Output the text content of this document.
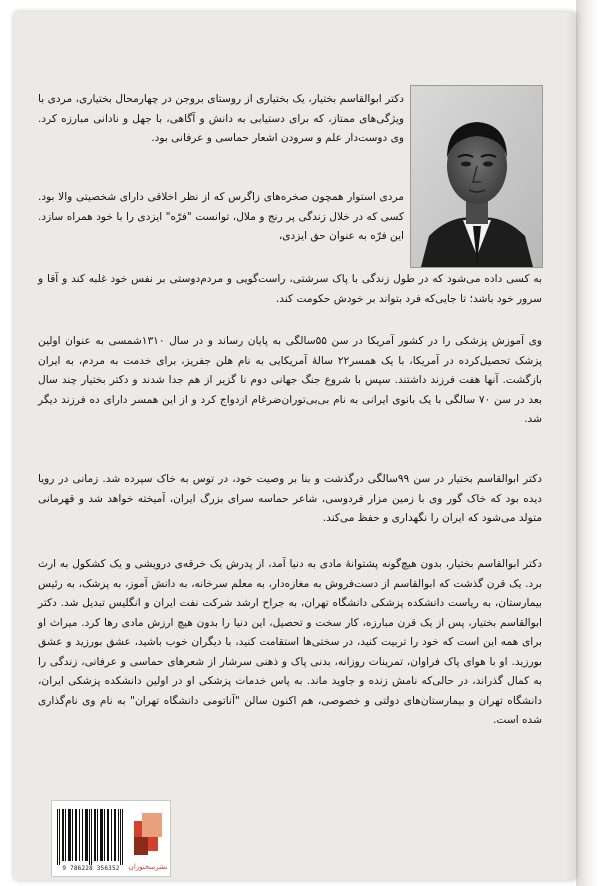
دکتر ابوالقاسم بختیار، یک بختیاری از روستای بروجن در چهارمحال بختیاری، مردی با ویژگی‌های ممتاز، که برای دستیابی به دانش و آگاهی، با جهل و نادانی مبارزه کرد. وی دوست‌دار علم و سرودن اشعار حماسی و عرفانی بود.

مردی استوار همچون صخره‌های زاگرس که از نظر اخلاقی دارای شخصیتی والا بود. کسی که در خلال زندگی پر رنج و ملال، توانست "فرّه" ایزدی را با خود همراه سازد. این فرّه به عنوان حق ایزدی،

به کسی داده می‌شود که در طول زندگی با پاک سرشتی، راست‌گویی و مردم‌دوستی بر نفس خود غلبه کند و آقا و سرور خود باشد؛ تا جایی‌که فرد بتواند بر خودش حکومت کند.

وی آموزش پزشکی را در کشور آمریکا در سن ۵۵سالگی به پایان رساند و در سال ۱۳۱۰شمسی به عنوان اولین پزشک تحصیل‌کرده در آمریکا، با یک همسر۲۲ سالهٔ آمریکایی به نام هلن جفریز، برای خدمت به مردم، به ایران بازگشت. آنها هفت فرزند داشتند. سپس با شروع جنگ جهانی دوم نا گزیر از هم جدا شدند و دکتر بختیار چند سال بعد در سن ۷۰ سالگی با یک بانوی ایرانی به نام بی‌بی‌توران‌ضرغام ازدواج کرد و از این همسر دارای ده فرزند دیگر شد.

دکتر ابوالقاسم بختیار در سن ۹۹سالگی درگذشت و بنا بر وصیت خود، در توس به خاک سپرده شد. زمانی در رویا دیده بود که خاک گور وی با زمین مزار فردوسی، شاعر حماسه سرای بزرگ ایران، آمیخته خواهد شد و قهرمانی متولد می‌شود که ایران را نگهداری و حفظ می‌کند.

دکتر ابوالقاسم بختیار، بدون هیچ‌گونه پشتوانهٔ مادی به دنیا آمد، از پدرش یک خرقه‌ی درویشی و یک کشکول به ارث برد. یک قرن گذشت که ابوالقاسم از دست‌فروش به مغازه‌دار، به معلم سرخانه، به دانش آموز، به پزشک، به رئیس بیمارستان، به ریاست دانشکده پزشکی دانشگاه تهران، به جراح ارشد شرکت نفت ایران و انگلیس تبدیل شد. دکتر ابوالقاسم بختیار، پس از یک قرن مبارزه، کار سخت و تحصیل، این دنیا را بدون هیچ ارزش مادی رها کرد. میراث او برای همه این است که خود را تربیت کنید، در سختی‌ها استقامت کنید، با دیگران خوب باشید، عشق بورزید و عشق بورزید. او با هوای پاک فراوان، تمرینات روزانه، بدنی پاک و ذهنی سرشار از شعرهای حماسی و عرفانی، زندگی را به کمال گذراند، در حالی‌که نامش زنده و جاوید ماند. به پاس خدمات پزشکی او در اولین دانشکده پزشکی ایران، دانشگاه تهران و بیمارستان‌های دولتی و خصوصی، هم اکنون سالن "آناتومی دانشگاه تهران" به نام وی نام‌گذاری شده است.

9 786228 356352	نشرسخنوران
